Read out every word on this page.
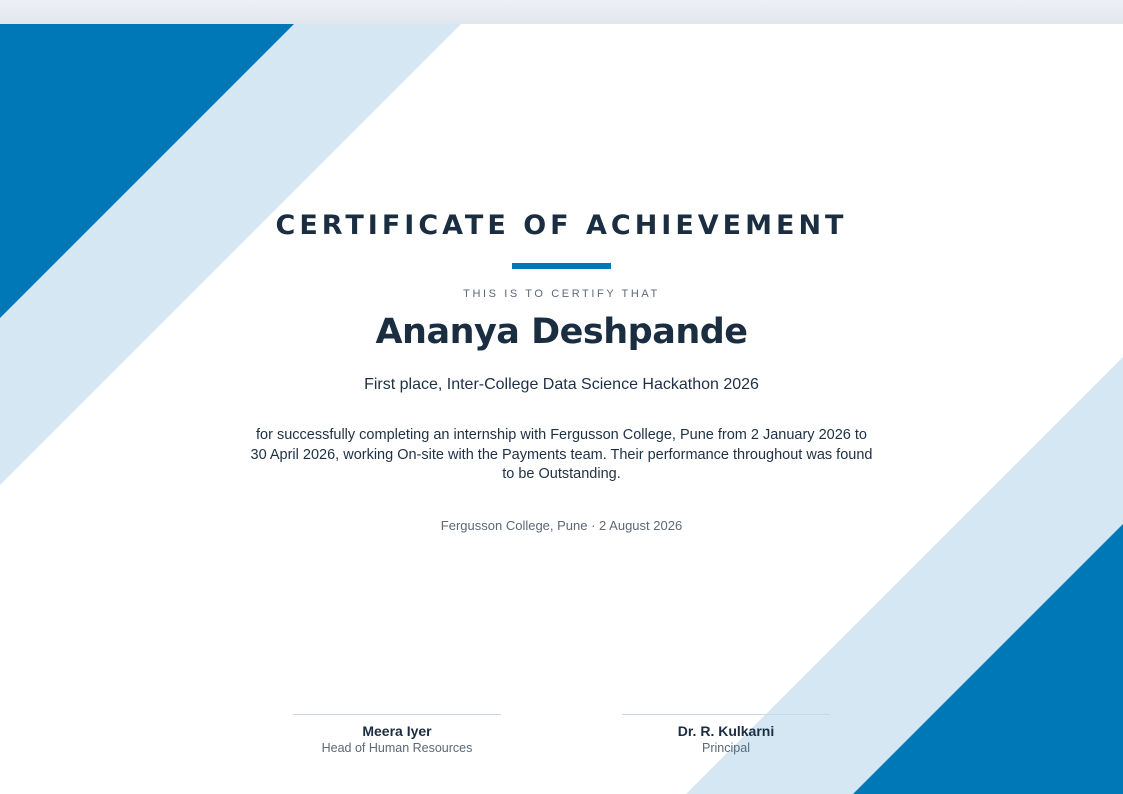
CERTIFICATE OF ACHIEVEMENT
THIS IS TO CERTIFY THAT
Ananya Deshpande
First place, Inter-College Data Science Hackathon 2026
for successfully completing an internship with Fergusson College, Pune from 2 January 2026 to 30 April 2026, working On-site with the Payments team. Their performance throughout was found to be Outstanding.
Fergusson College, Pune · 2 August 2026
Meera Iyer
Head of Human Resources
Dr. R. Kulkarni
Principal
